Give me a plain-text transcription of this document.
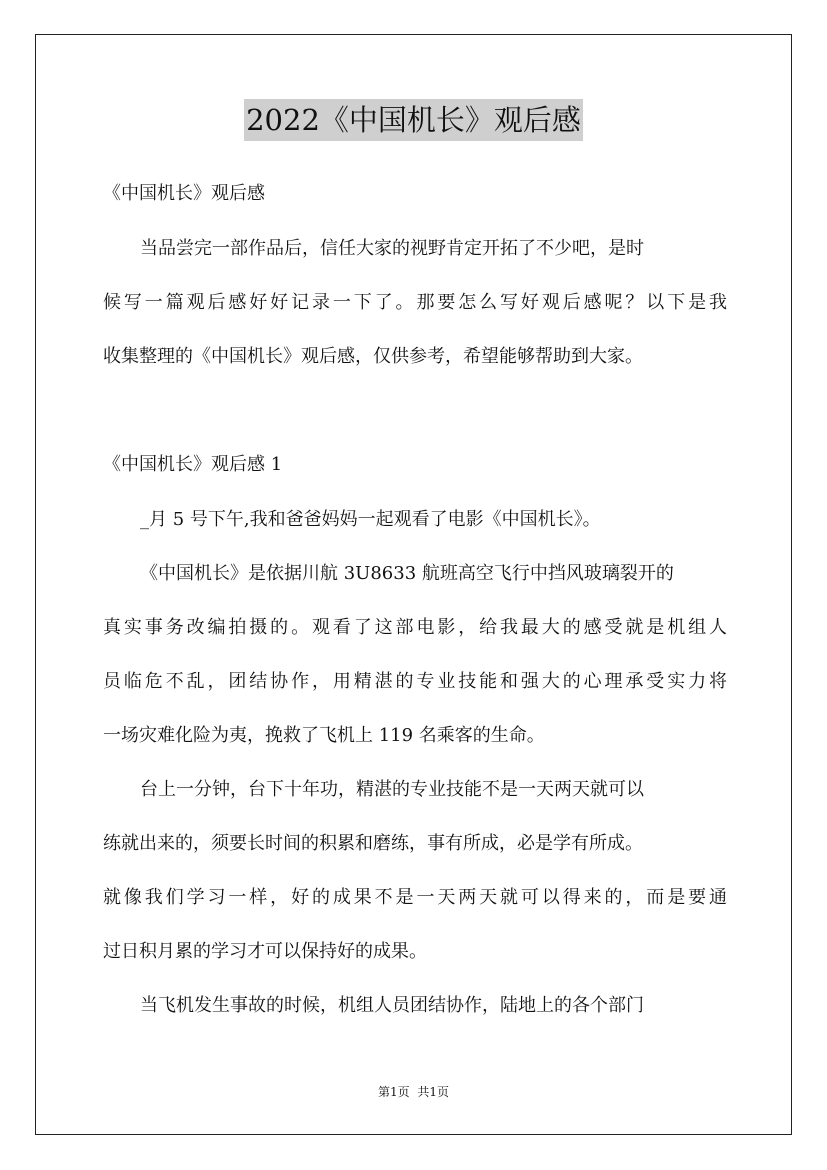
2022《中国机长》观后感
《中国机长》观后感
当品尝完一部作品后，信任大家的视野肯定开拓了不少吧，是时
候写一篇观后感好好记录一下了。那要怎么写好观后感呢？以下是我
收集整理的《中国机长》观后感，仅供参考，希望能够帮助到大家。
《中国机长》观后感 1
_月 5 号下午,我和爸爸妈妈一起观看了电影《中国机长》。
《中国机长》是依据川航 3U8633 航班高空飞行中挡风玻璃裂开的
真实事务改编拍摄的。观看了这部电影，给我最大的感受就是机组人
员临危不乱，团结协作，用精湛的专业技能和强大的心理承受实力将
一场灾难化险为夷，挽救了飞机上 119 名乘客的生命。
台上一分钟，台下十年功，精湛的专业技能不是一天两天就可以
练就出来的，须要长时间的积累和磨练，事有所成，必是学有所成。
就像我们学习一样，好的成果不是一天两天就可以得来的，而是要通
过日积月累的学习才可以保持好的成果。
当飞机发生事故的时候，机组人员团结协作，陆地上的各个部门
第1页 共1页
